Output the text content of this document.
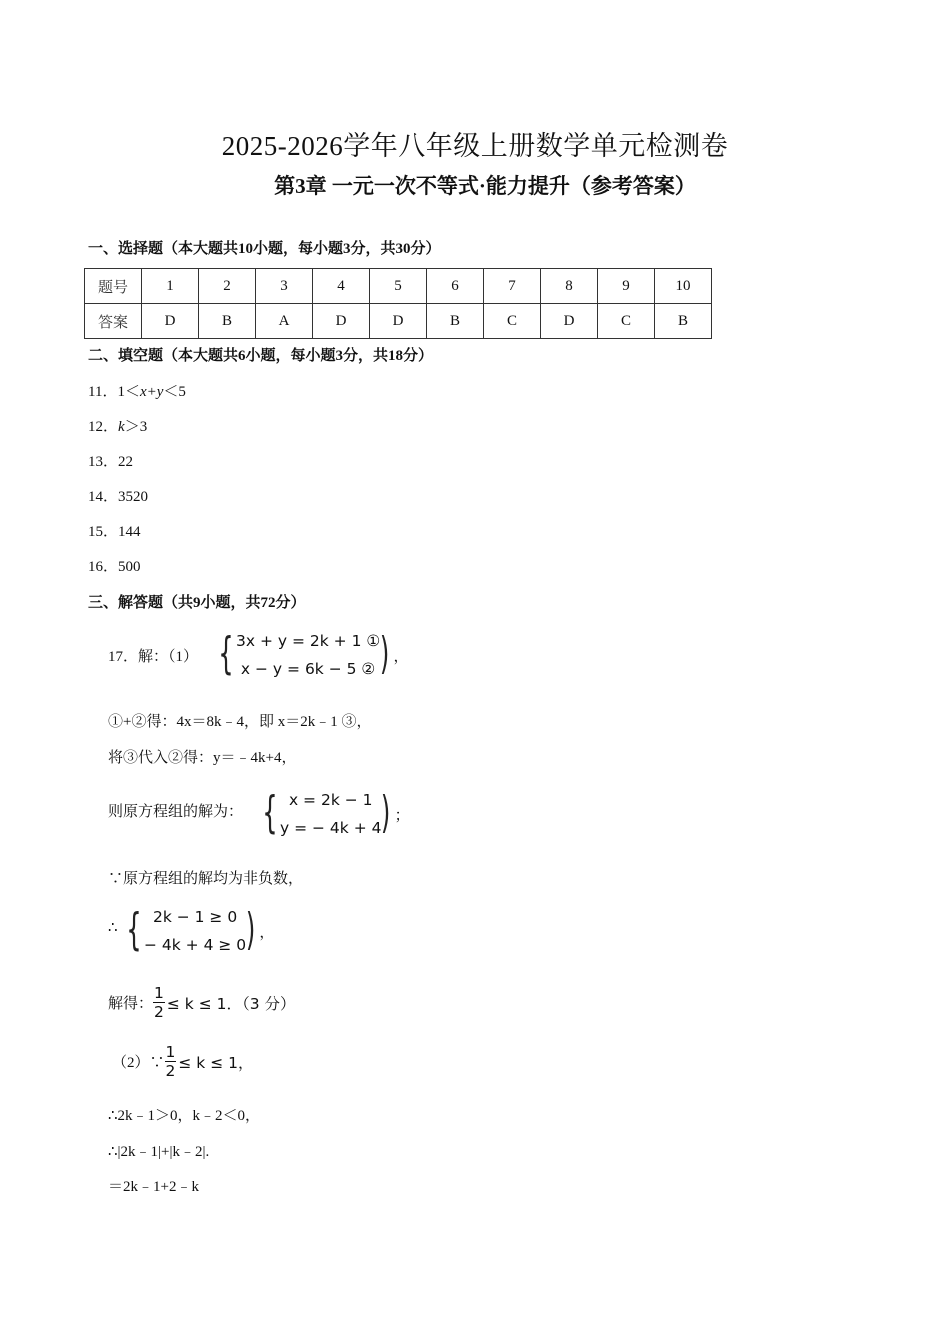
2025-2026学年八年级上册数学单元检测卷
第3章 一元一次不等式·能力提升（参考答案）
一、选择题（本大题共10小题，每小题3分，共30分）
题号	1	2	3	4	5	6	7	8	9	10
答案	D	B	A	D	D	B	C	D	C	B
二、填空题（本大题共6小题，每小题3分，共18分）
11．1＜x+y＜5
12．k＞3
13．22
14．3520
15．144
16．500
三、解答题（共9小题，共72分）
17．解：（1） { 3x + y = 2k + 1 ①
x − y = 6k − 5 ② ) ，
①+②得：4x＝8k﹣4，即 x＝2k﹣1 ③，
将③代入②得：y＝﹣4k+4，
则原方程组的解为： { x = 2k − 1
y = − 4k + 4 ) ；
∵原方程组的解均为非负数，
∴ { 2k − 1 ≥ 0
− 4k + 4 ≥ 0 ) ，
解得： $\frac{1}{2} \le k \le 1$．（3 分）
（2）∵ $\frac{1}{2} \le k \le 1$，
∴2k﹣1＞0，k﹣2＜0，
∴|2k﹣1|+|k﹣2|.
＝2k﹣1+2﹣k
